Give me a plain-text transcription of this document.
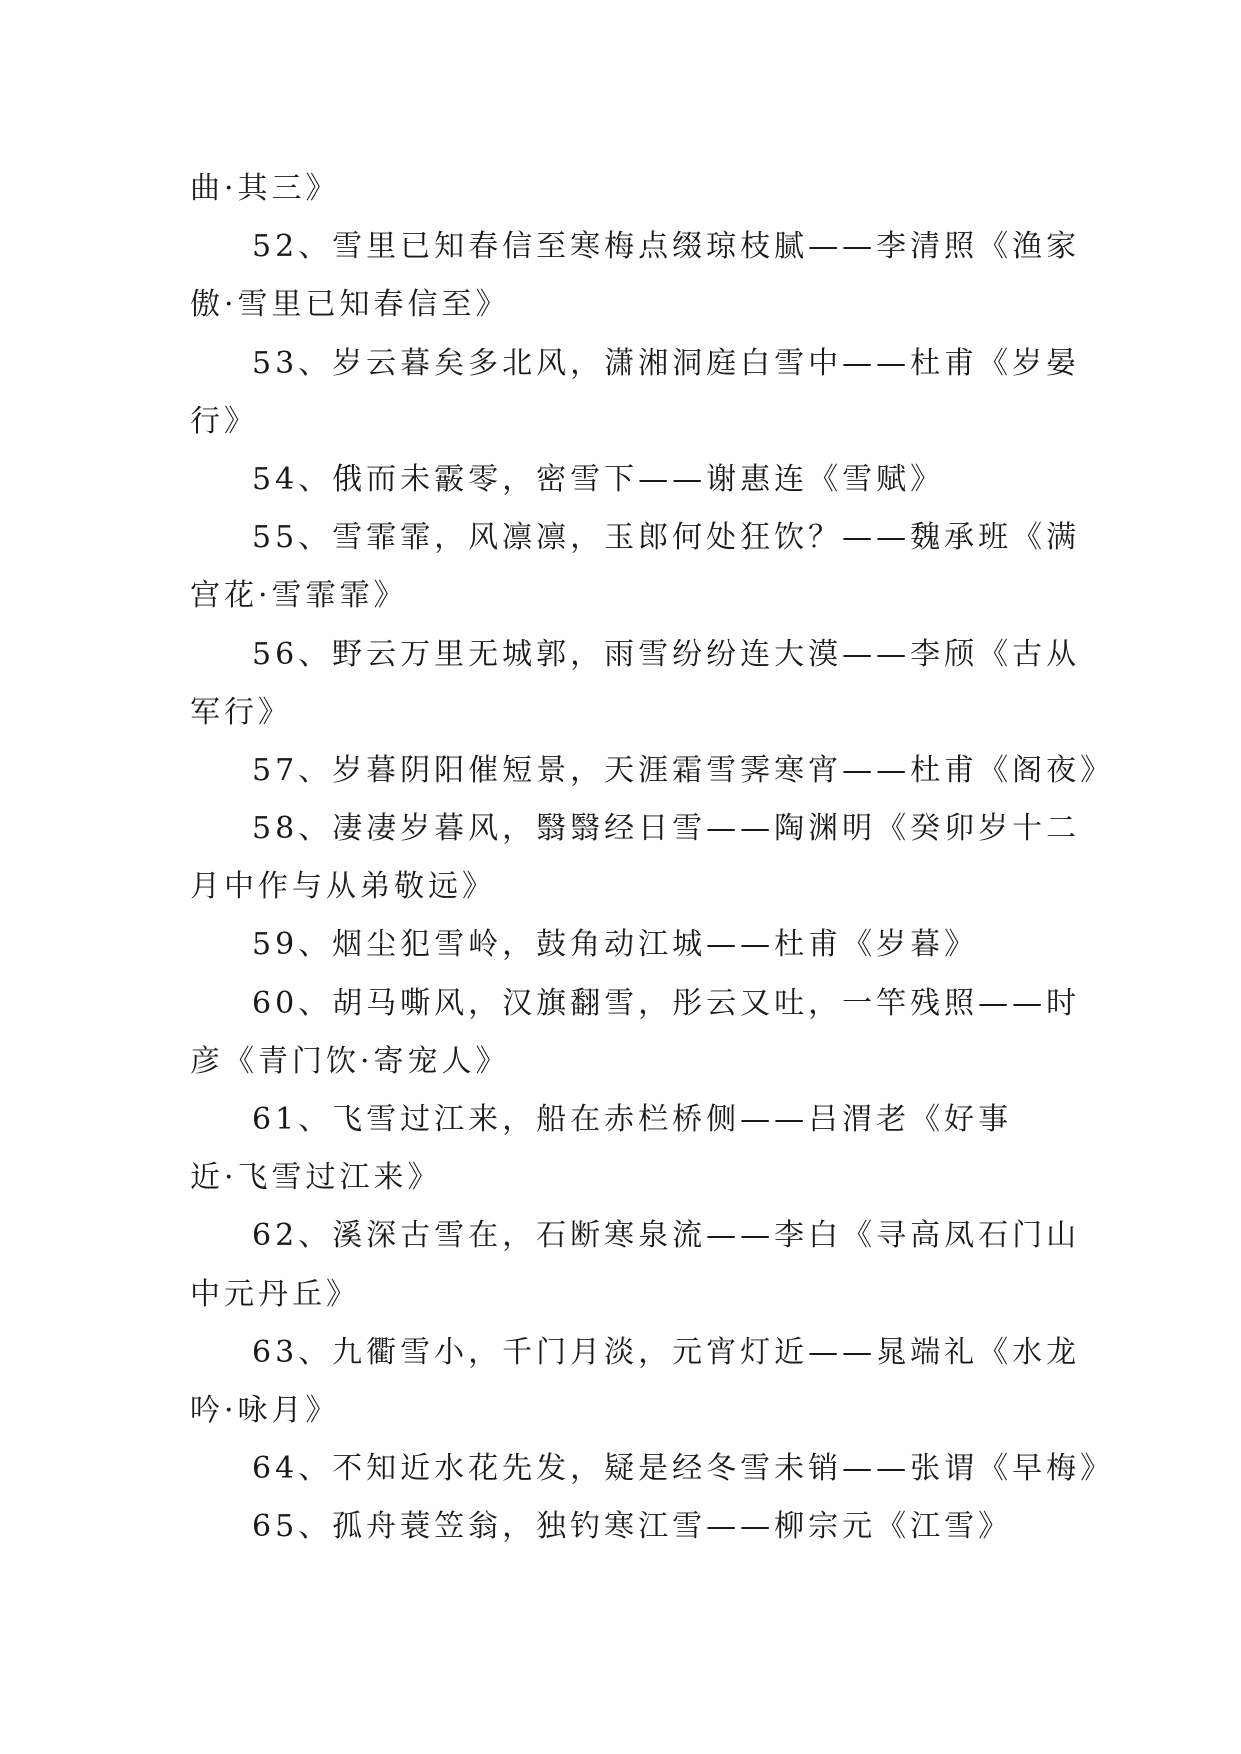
曲·其三》

52、雪里已知春信至寒梅点缀琼枝腻——李清照《渔家

傲·雪里已知春信至》

53、岁云暮矣多北风，潇湘洞庭白雪中——杜甫《岁晏

行》

54、俄而未霰零，密雪下——谢惠连《雪赋》

55、雪霏霏，风凛凛，玉郎何处狂饮？——魏承班《满

宫花·雪霏霏》

56、野云万里无城郭，雨雪纷纷连大漠——李颀《古从

军行》

57、岁暮阴阳催短景，天涯霜雪霁寒宵——杜甫《阁夜》

58、凄凄岁暮风，翳翳经日雪——陶渊明《癸卯岁十二

月中作与从弟敬远》

59、烟尘犯雪岭，鼓角动江城——杜甫《岁暮》

60、胡马嘶风，汉旗翻雪，彤云又吐，一竿残照——时

彦《青门饮·寄宠人》

61、飞雪过江来，船在赤栏桥侧——吕渭老《好事

近·飞雪过江来》

62、溪深古雪在，石断寒泉流——李白《寻高凤石门山

中元丹丘》

63、九衢雪小，千门月淡，元宵灯近——晁端礼《水龙

吟·咏月》

64、不知近水花先发，疑是经冬雪未销——张谓《早梅》

65、孤舟蓑笠翁，独钓寒江雪——柳宗元《江雪》
